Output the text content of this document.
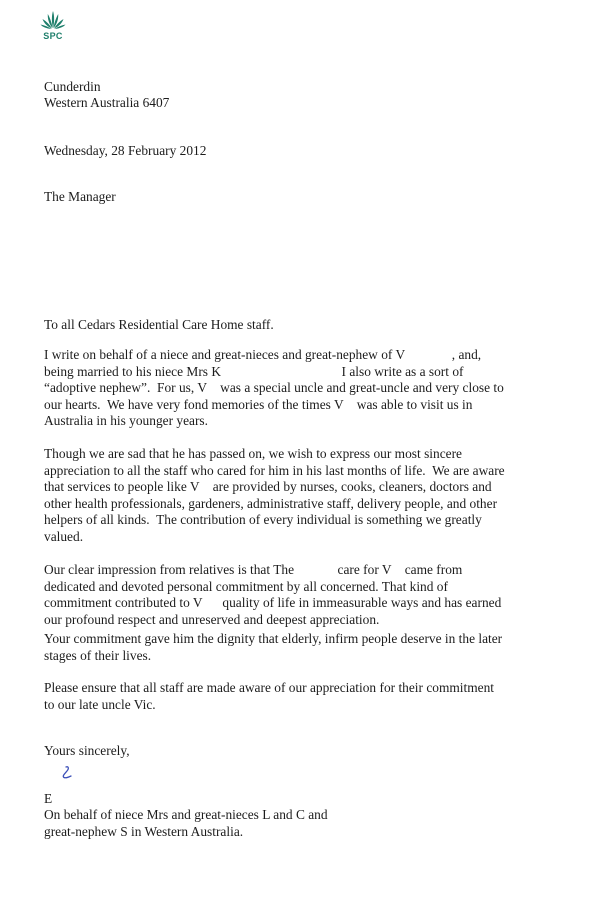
SPC
Cunderdin
Western Australia 6407
Wednesday, 28 February 2012
The Manager
To all Cedars Residential Care Home staff.
I write on behalf of a niece and great-nieces and great-nephew of V              , and,
being married to his niece Mrs K                                    I also write as a sort of
“adoptive nephew”.  For us, V    was a special uncle and great-uncle and very close to
our hearts.  We have very fond memories of the times V    was able to visit us in
Australia in his younger years.
Though we are sad that he has passed on, we wish to express our most sincere
appreciation to all the staff who cared for him in his last months of life.  We are aware
that services to people like V    are provided by nurses, cooks, cleaners, doctors and
other health professionals, gardeners, administrative staff, delivery people, and other
helpers of all kinds.  The contribution of every individual is something we greatly
valued.
Our clear impression from relatives is that The             care for V    came from
dedicated and devoted personal commitment by all concerned. That kind of
commitment contributed to V      quality of life in immeasurable ways and has earned
our profound respect and unreserved and deepest appreciation.
Your commitment gave him the dignity that elderly, infirm people deserve in the later
stages of their lives.
Please ensure that all staff are made aware of our appreciation for their commitment
to our late uncle Vic.
Yours sincerely,
E
On behalf of niece Mrs and great-nieces L and C and
great-nephew S in Western Australia.
